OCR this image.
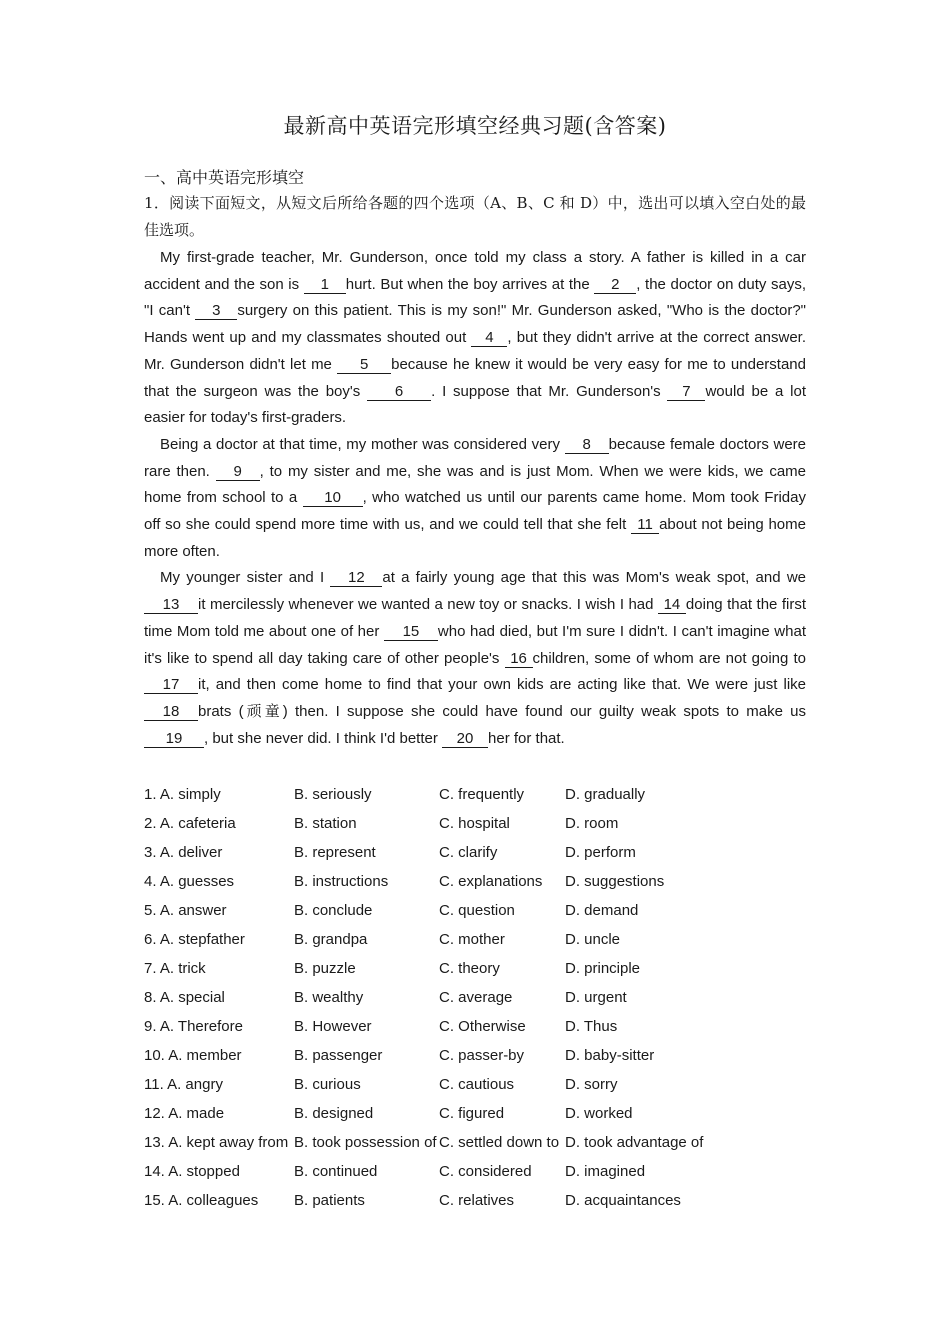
最新高中英语完形填空经典习题(含答案)
一、高中英语完形填空
1．阅读下面短文，从短文后所给各题的四个选项（A、B、C 和 D）中，选出可以填入空白处的最佳选项。

My first-grade teacher, Mr. Gunderson, once told my class a story. A father is killed in a car accident and the son is 1 hurt. But when the boy arrives at the 2 , the doctor on duty says, "I can't 3 surgery on this patient. This is my son!" Mr. Gunderson asked, "Who is the doctor?" Hands went up and my classmates shouted out 4 , but they didn't arrive at the correct answer. Mr. Gunderson didn't let me 5 because he knew it would be very easy for me to understand that the surgeon was the boy's 6 . I suppose that Mr. Gunderson's 7 would be a lot easier for today's first-graders.

Being a doctor at that time, my mother was considered very 8 because female doctors were rare then. 9 , to my sister and me, she was and is just Mom. When we were kids, we came home from school to a 10 , who watched us until our parents came home. Mom took Friday off so she could spend more time with us, and we could tell that she felt 11 about not being home more often.

My younger sister and I 12 at a fairly young age that this was Mom's weak spot, and we 13 it mercilessly whenever we wanted a new toy or snacks. I wish I had 14 doing that the first time Mom told me about one of her 15 who had died, but I'm sure I didn't. I can't imagine what it's like to spend all day taking care of other people's 16 children, some of whom are not going to 17 it, and then come home to find that your own kids are acting like that. We were just like 18 brats (顽童) then. I suppose she could have found our guilty weak spots to make us 19 , but she never did. I think I'd better 20 her for that.

1. A. simply	B. seriously	C. frequently	D. gradually
2. A. cafeteria	B. station	C. hospital	D. room
3. A. deliver	B. represent	C. clarify	D. perform
4. A. guesses	B. instructions	C. explanations D. suggestions
5. A. answer	B. conclude	C. question	D. demand
6. A. stepfather	B. grandpa	C. mother	D. uncle
7. A. trick	B. puzzle	C. theory	D. principle
8. A. special	B. wealthy	C. average	D. urgent
9. A. Therefore	B. However	C. Otherwise	D. Thus
10. A. member	B. passenger	C. passer-by	D. baby-sitter
11. A. angry	B. curious	C. cautious	D. sorry
12. A. made	B. designed	C. figured	D. worked
13. A. kept away from B. took possession of C. settled down to D. took advantage of
14. A. stopped	B. continued	C. considered D. imagined
15. A. colleagues B. patients	C. relatives	D. acquaintances
